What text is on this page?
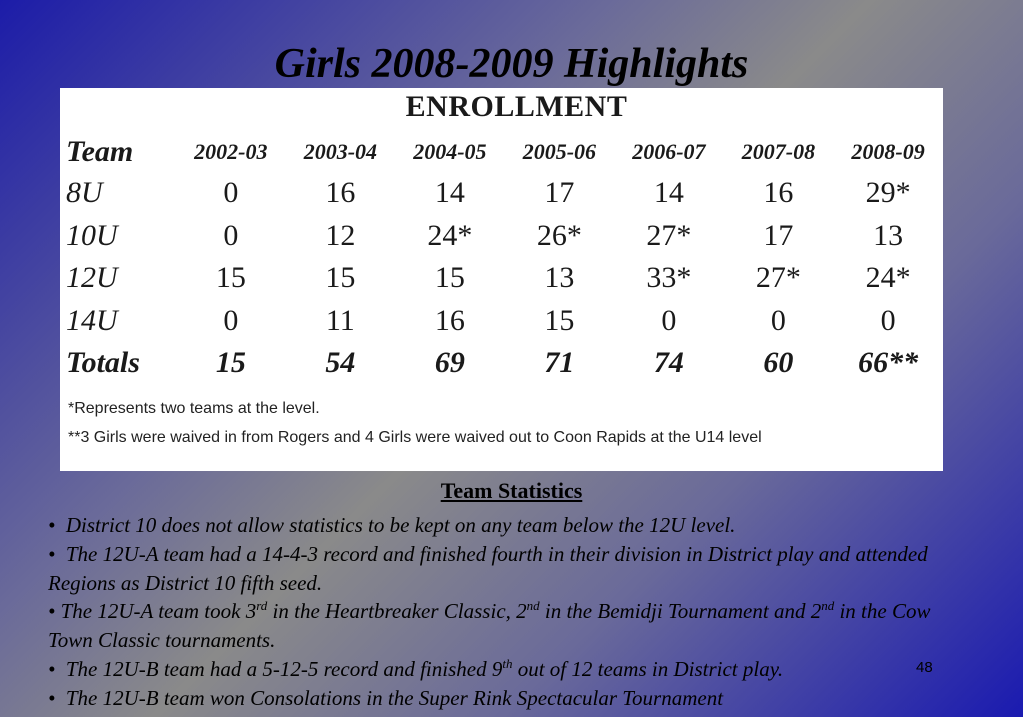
Girls 2008-2009 Highlights
ENROLLMENT
Team	2002-03	2003-04	2004-05	2005-06	2006-07	2007-08	2008-09
8U	0	16	14	17	14	16	29*
10U	0	12	24*	26*	27*	17	13
12U	15	15	15	13	33*	27*	24*
14U	0	11	16	15	0	0	0
Totals	15	54	69	71	74	60	66**
*Represents two teams at the level.
**3 Girls were waived in from Rogers and 4 Girls were waived out to Coon Rapids at the U14 level
Team Statistics

• District 10 does not allow statistics to be kept on any team below the 12U level.

• The 12U-A team had a 14-4-3 record and finished fourth in their division in District play and attended Regions as District 10 fifth seed.

• The 12U-A team took 3rd in the Heartbreaker Classic, 2nd in the Bemidji Tournament and 2nd in the Cow Town Classic tournaments.

• The 12U-B team had a 5-12-5 record and finished 9th out of 12 teams in District play.

• The 12U-B team won Consolations in the Super Rink Spectacular Tournament

48
